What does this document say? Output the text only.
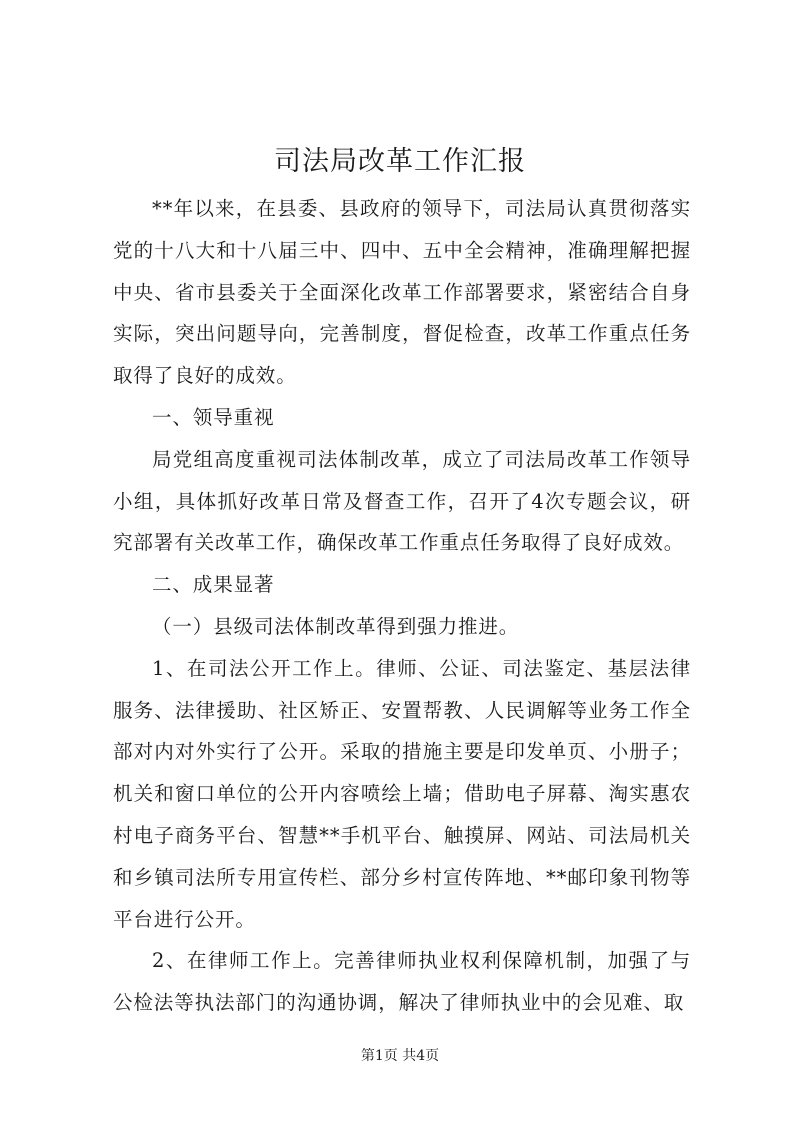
司法局改革工作汇报

**年以来，在县委、县政府的领导下，司法局认真贯彻落实党的十八大和十八届三中、四中、五中全会精神，准确理解把握中央、省市县委关于全面深化改革工作部署要求，紧密结合自身实际，突出问题导向，完善制度，督促检查，改革工作重点任务取得了良好的成效。

一、领导重视

局党组高度重视司法体制改革，成立了司法局改革工作领导小组，具体抓好改革日常及督查工作，召开了4次专题会议，研究部署有关改革工作，确保改革工作重点任务取得了良好成效。

二、成果显著

（一）县级司法体制改革得到强力推进。

1、在司法公开工作上。律师、公证、司法鉴定、基层法律服务、法律援助、社区矫正、安置帮教、人民调解等业务工作全部对内对外实行了公开。采取的措施主要是印发单页、小册子；机关和窗口单位的公开内容喷绘上墙；借助电子屏幕、淘实惠农村电子商务平台、智慧**手机平台、触摸屏、网站、司法局机关和乡镇司法所专用宣传栏、部分乡村宣传阵地、**邮印象刊物等平台进行公开。

2、在律师工作上。完善律师执业权利保障机制，加强了与公检法等执法部门的沟通协调，解决了律师执业中的会见难、取

第1页 共4页
